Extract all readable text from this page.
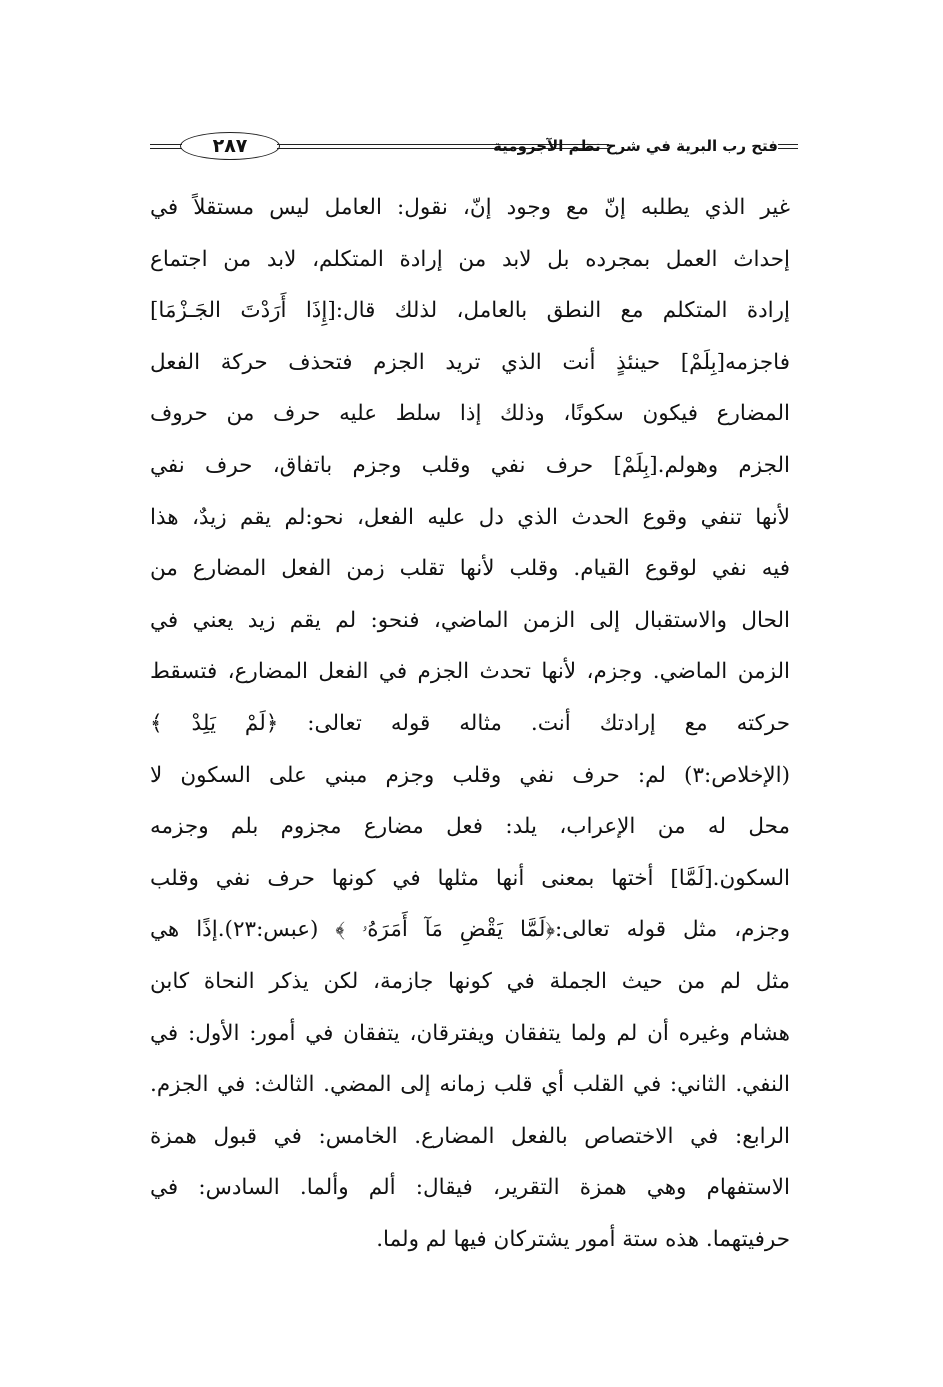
٢٨٧	فتح رب البرية في شرح نظم الآجرومية
غير الذي يطلبه إنّ مع وجود إنّ، نقول: العامل ليس مستقلاً في
إحداث العمل بمجرده بل لابد من إرادة المتكلم، لابد من اجتماع
إرادة المتكلم مع النطق بالعامل، لذلك قال:[إِذَا أَرَدْتَ الجَـزْمَا]
فاجزمه[بِلَمْ] حينئذٍ أنت الذي تريد الجزم فتحذف حركة الفعل
المضارع فيكون سكونًا، وذلك إذا سلط عليه حرف من حروف
الجزم وهولم.[بِلَمْ] حرف نفي وقلب وجزم باتفاق، حرف نفي
لأنها تنفي وقوع الحدث الذي دل عليه الفعل، نحو:لم يقم زيدٌ، هذا
فيه نفي لوقوع القيام. وقلب لأنها تقلب زمن الفعل المضارع من
الحال والاستقبال إلى الزمن الماضي، فنحو: لم يقم زيد يعني في
الزمن الماضي. وجزم، لأنها تحدث الجزم في الفعل المضارع، فتسقط
حركته مع إرادتك أنت. مثاله قوله تعالى: ﴿لَمْ يَلِدْ ﴾
(الإخلاص:٣) لم: حرف نفي وقلب وجزم مبني على السكون لا
محل له من الإعراب، يلد: فعل مضارع مجزوم بلم وجزمه
السكون.[لَمَّا] أختها بمعنى أنها مثلها في كونها حرف نفي وقلب
وجزم، مثل قوله تعالى:﴿لَمَّا يَقْضِ مَآ أَمَرَهُۥ ﴾ (عبس:٢٣).إذًا هي
مثل لم من حيث الجملة في كونها جازمة، لكن يذكر النحاة كابن
هشام وغيره أن لم ولما يتفقان ويفترقان، يتفقان في أمور: الأول: في
النفي. الثاني: في القلب أي قلب زمانه إلى المضي. الثالث: في الجزم.
الرابع: في الاختصاص بالفعل المضارع. الخامس: في قبول همزة
الاستفهام وهي همزة التقرير، فيقال: ألم وألما. السادس: في
حرفيتهما. هذه ستة أمور يشتركان فيها لم ولما.
